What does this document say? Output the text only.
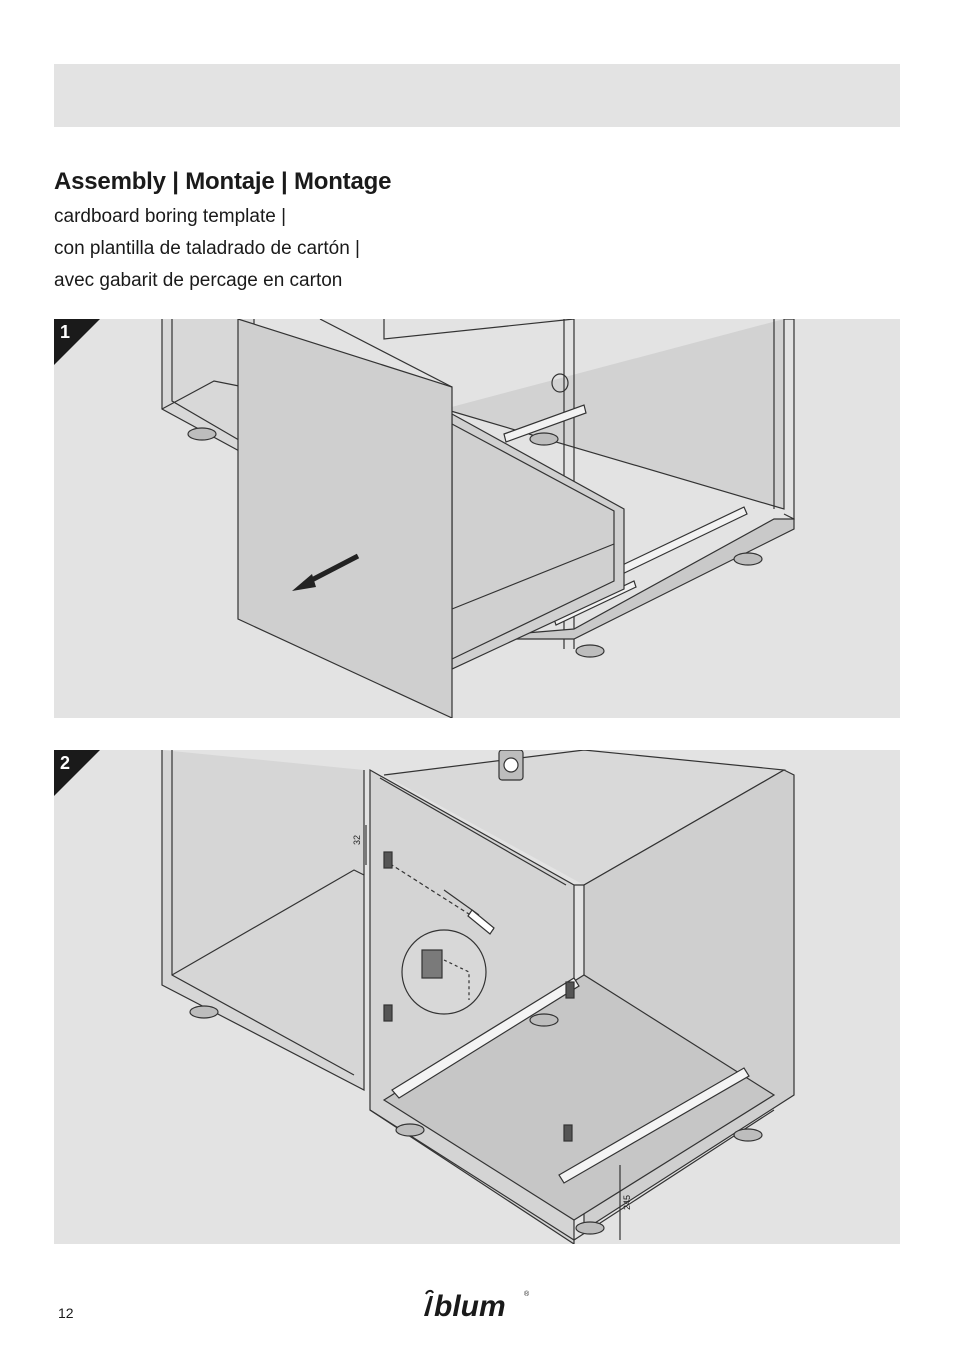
Assembly | Montaje | Montage

cardboard boring template |

con plantilla de taladrado de cartón |

avec gabarit de percage en carton

1
32
245
2
12	blum	®
